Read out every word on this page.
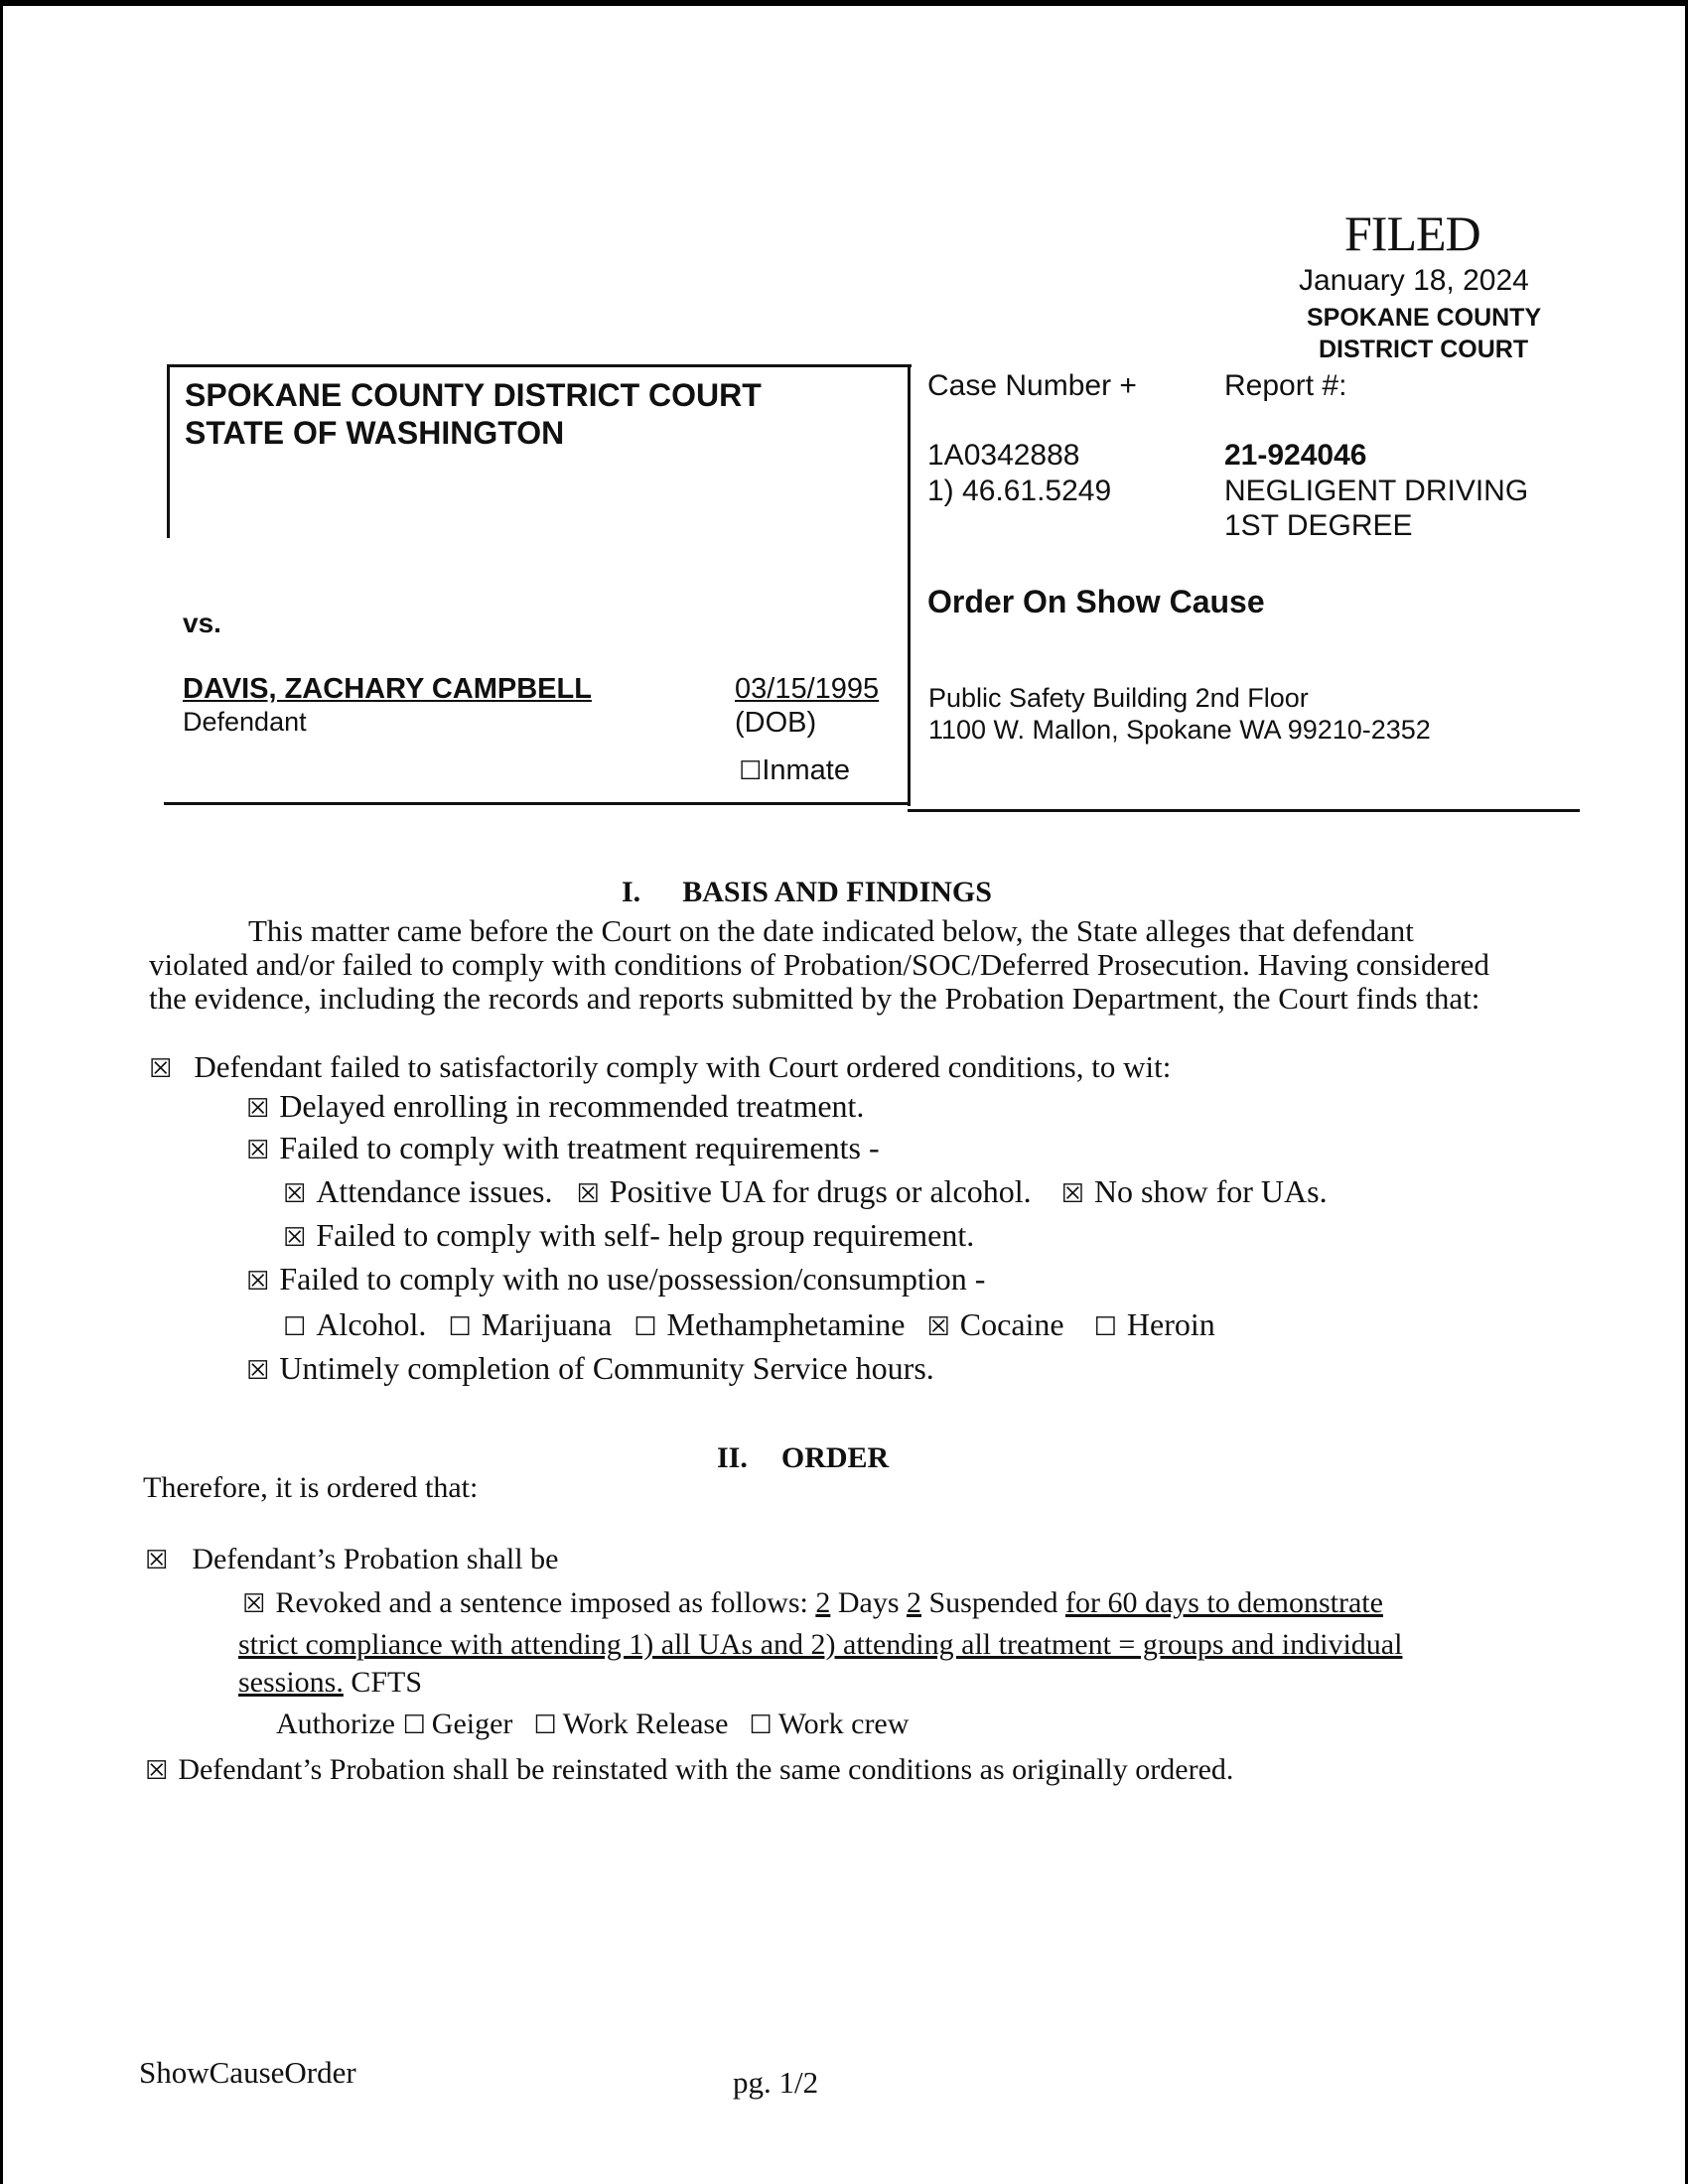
FILED
January 18, 2024
SPOKANE COUNTY
DISTRICT COURT
SPOKANE COUNTY DISTRICT COURT
STATE OF WASHINGTON
vs.
DAVIS, ZACHARY CAMPBELL
Defendant
03/15/1995
(DOB)
☐Inmate
Case Number +	Report #:
1A0342888
1) 46.61.5249
21-924046
NEGLIGENT DRIVING
1ST DEGREE
Order On Show Cause
Public Safety Building 2nd Floor
1100 W. Mallon, Spokane WA 99210-2352
I. BASIS AND FINDINGS
This matter came before the Court on the date indicated below, the State alleges that defendant
violated and/or failed to comply with conditions of Probation/SOC/Deferred Prosecution. Having considered
the evidence, including the records and reports submitted by the Probation Department, the Court finds that:
☒ Defendant failed to satisfactorily comply with Court ordered conditions, to wit:
☒ Delayed enrolling in recommended treatment.
☒ Failed to comply with treatment requirements -
☒ Attendance issues. ☒ Positive UA for drugs or alcohol. ☒ No show for UAs.
☒ Failed to comply with self- help group requirement.
☒ Failed to comply with no use/possession/consumption -
☐ Alcohol. ☐ Marijuana ☐ Methamphetamine ☒ Cocaine ☐ Heroin
☒ Untimely completion of Community Service hours.
II. ORDER
Therefore, it is ordered that:
☒ Defendant’s Probation shall be
☒ Revoked and a sentence imposed as follows: 2 Days 2 Suspended for 60 days to demonstrate
strict compliance with attending 1) all UAs and 2) attending all treatment = groups and individual
sessions. CFTS
Authorize ☐ Geiger ☐ Work Release ☐ Work crew
☒ Defendant’s Probation shall be reinstated with the same conditions as originally ordered.
ShowCauseOrder	pg. 1/2
